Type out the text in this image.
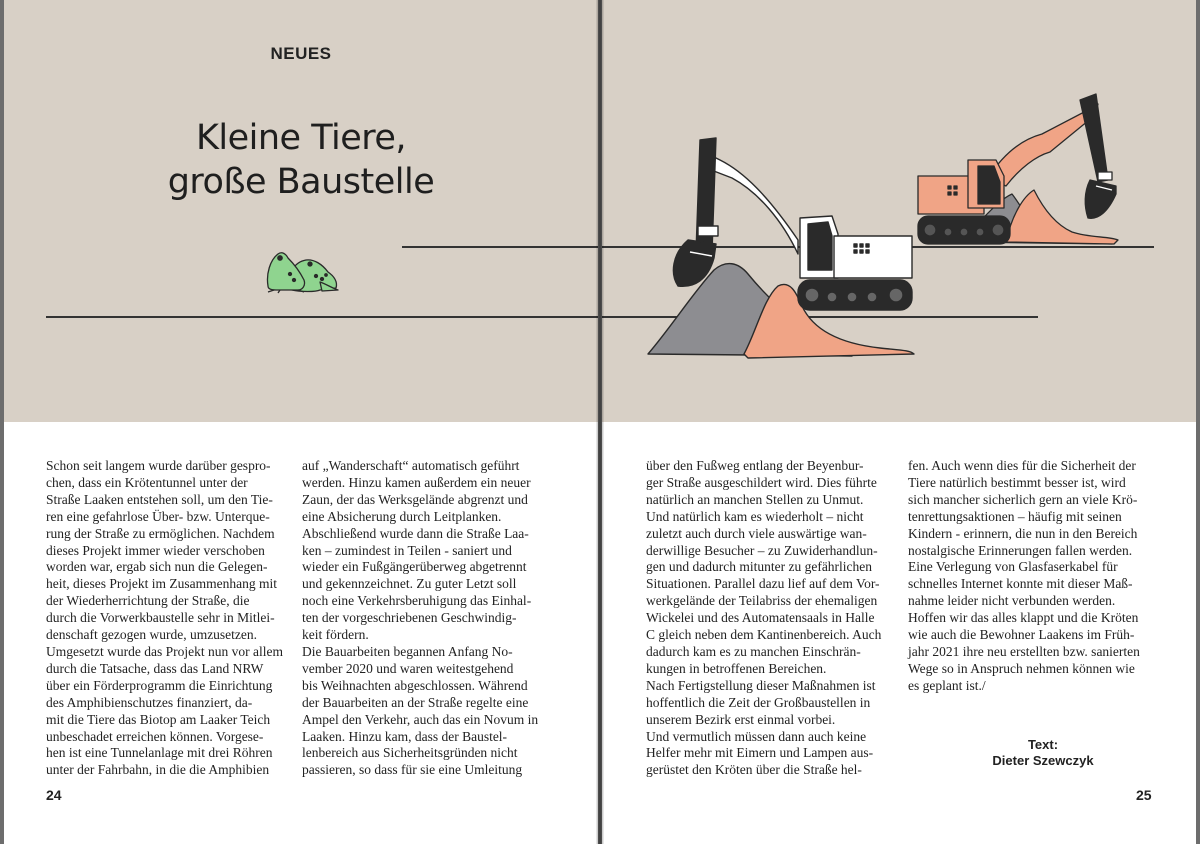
NEUES
Kleine Tiere,
große Baustelle

Schon seit langem wurde darüber gespro-

chen, dass ein Krötentunnel unter der

Straße Laaken entstehen soll, um den Tie-

ren eine gefahrlose Über- bzw. Unterque-

rung der Straße zu ermöglichen. Nachdem

dieses Projekt immer wieder verschoben

worden war, ergab sich nun die Gelegen-

heit, dieses Projekt im Zusammenhang mit

der Wiederherrichtung der Straße, die

durch die Vorwerkbaustelle sehr in Mitlei-

denschaft gezogen wurde, umzusetzen.

Umgesetzt wurde das Projekt nun vor allem

durch die Tatsache, dass das Land NRW

über ein Förderprogramm die Einrichtung

des Amphibienschutzes finanziert, da-

mit die Tiere das Biotop am Laaker Teich

unbeschadet erreichen können. Vorgese-

hen ist eine Tunnelanlage mit drei Röhren

unter der Fahrbahn, in die die Amphibien

auf „Wanderschaft“ automatisch geführt

werden. Hinzu kamen außerdem ein neuer

Zaun, der das Werksgelände abgrenzt und

eine Absicherung durch Leitplanken.

Abschließend wurde dann die Straße Laa-

ken – zumindest in Teilen - saniert und

wieder ein Fußgängerüberweg abgetrennt

und gekennzeichnet. Zu guter Letzt soll

noch eine Verkehrsberuhigung das Einhal-

ten der vorgeschriebenen Geschwindig-

keit fördern.

Die Bauarbeiten begannen Anfang No-

vember 2020 und waren weitestgehend

bis Weihnachten abgeschlossen. Während

der Bauarbeiten an der Straße regelte eine

Ampel den Verkehr, auch das ein Novum in

Laaken. Hinzu kam, dass der Baustel-

lenbereich aus Sicherheitsgründen nicht

passieren, so dass für sie eine Umleitung

24

über den Fußweg entlang der Beyenbur-

ger Straße ausgeschildert wird. Dies führte

natürlich an manchen Stellen zu Unmut.

Und natürlich kam es wiederholt – nicht

zuletzt auch durch viele auswärtige wan-

derwillige Besucher – zu Zuwiderhandlun-

gen und dadurch mitunter zu gefährlichen

Situationen. Parallel dazu lief auf dem Vor-

werkgelände der Teilabriss der ehemaligen

Wickelei und des Automatensaals in Halle

C gleich neben dem Kantinenbereich. Auch

dadurch kam es zu manchen Einschrän-

kungen in betroffenen Bereichen.

Nach Fertigstellung dieser Maßnahmen ist

hoffentlich die Zeit der Großbaustellen in

unserem Bezirk erst einmal vorbei.

Und vermutlich müssen dann auch keine

Helfer mehr mit Eimern und Lampen aus-

gerüstet den Kröten über die Straße hel-

fen. Auch wenn dies für die Sicherheit der

Tiere natürlich bestimmt besser ist, wird

sich mancher sicherlich gern an viele Krö-

tenrettungsaktionen – häufig mit seinen

Kindern - erinnern, die nun in den Bereich

nostalgische Erinnerungen fallen werden.

Eine Verlegung von Glasfaserkabel für

schnelles Internet konnte mit dieser Maß-

nahme leider nicht verbunden werden.

Hoffen wir das alles klappt und die Kröten

wie auch die Bewohner Laakens im Früh-

jahr 2021 ihre neu erstellten bzw. sanierten

Wege so in Anspruch nehmen können wie

es geplant ist./

Text:
Dieter Szewczyk
25
